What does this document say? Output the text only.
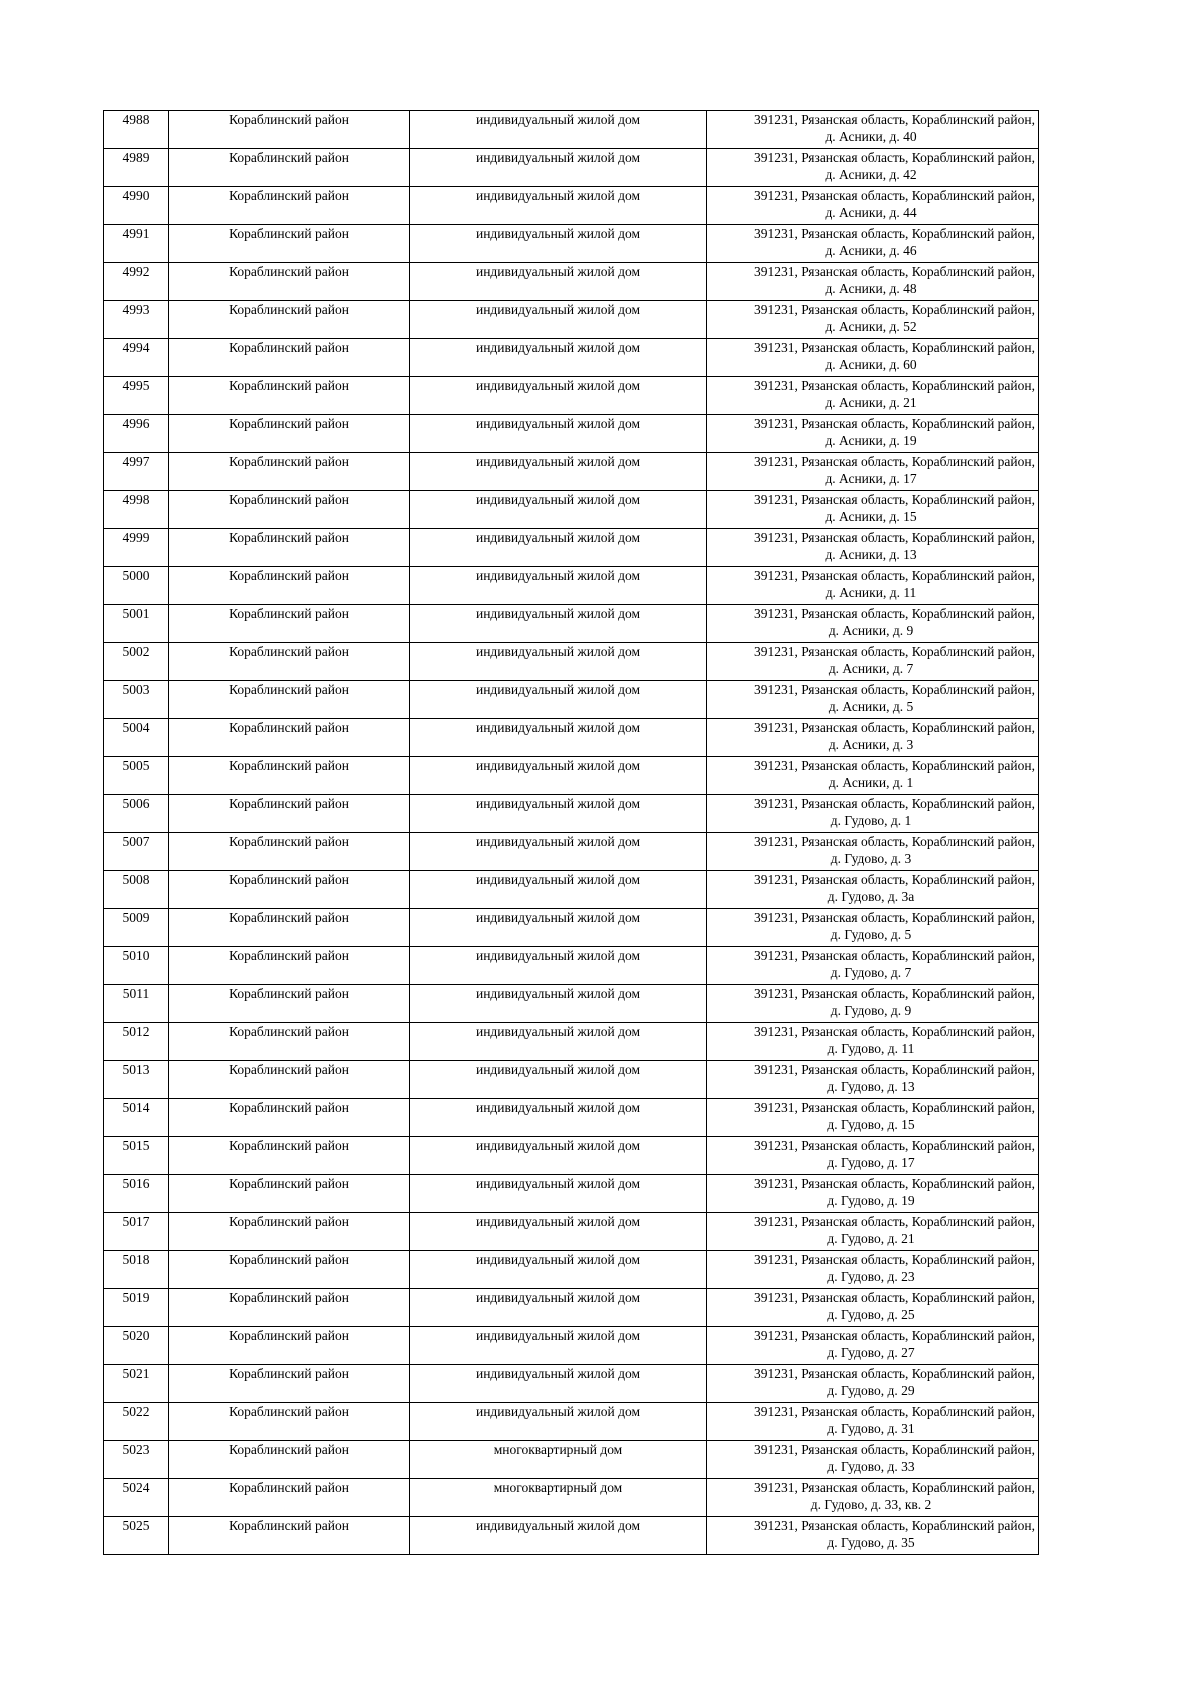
4988	Кораблинский район	индивидуальный жилой дом	391231, Рязанская область, Кораблинский район,
д. Асники, д. 40

4989	Кораблинский район	индивидуальный жилой дом	391231, Рязанская область, Кораблинский район,
д. Асники, д. 42

4990	Кораблинский район	индивидуальный жилой дом	391231, Рязанская область, Кораблинский район,
д. Асники, д. 44

4991	Кораблинский район	индивидуальный жилой дом	391231, Рязанская область, Кораблинский район,
д. Асники, д. 46

4992	Кораблинский район	индивидуальный жилой дом	391231, Рязанская область, Кораблинский район,
д. Асники, д. 48

4993	Кораблинский район	индивидуальный жилой дом	391231, Рязанская область, Кораблинский район,
д. Асники, д. 52

4994	Кораблинский район	индивидуальный жилой дом	391231, Рязанская область, Кораблинский район,
д. Асники, д. 60

4995	Кораблинский район	индивидуальный жилой дом	391231, Рязанская область, Кораблинский район,
д. Асники, д. 21

4996	Кораблинский район	индивидуальный жилой дом	391231, Рязанская область, Кораблинский район,
д. Асники, д. 19

4997	Кораблинский район	индивидуальный жилой дом	391231, Рязанская область, Кораблинский район,
д. Асники, д. 17

4998	Кораблинский район	индивидуальный жилой дом	391231, Рязанская область, Кораблинский район,
д. Асники, д. 15

4999	Кораблинский район	индивидуальный жилой дом	391231, Рязанская область, Кораблинский район,
д. Асники, д. 13

5000	Кораблинский район	индивидуальный жилой дом	391231, Рязанская область, Кораблинский район,
д. Асники, д. 11

5001	Кораблинский район	индивидуальный жилой дом	391231, Рязанская область, Кораблинский район,
д. Асники, д. 9

5002	Кораблинский район	индивидуальный жилой дом	391231, Рязанская область, Кораблинский район,
д. Асники, д. 7

5003	Кораблинский район	индивидуальный жилой дом	391231, Рязанская область, Кораблинский район,
д. Асники, д. 5

5004	Кораблинский район	индивидуальный жилой дом	391231, Рязанская область, Кораблинский район,
д. Асники, д. 3

5005	Кораблинский район	индивидуальный жилой дом	391231, Рязанская область, Кораблинский район,
д. Асники, д. 1

5006	Кораблинский район	индивидуальный жилой дом	391231, Рязанская область, Кораблинский район,
д. Гудово, д. 1

5007	Кораблинский район	индивидуальный жилой дом	391231, Рязанская область, Кораблинский район,
д. Гудово, д. 3

5008	Кораблинский район	индивидуальный жилой дом	391231, Рязанская область, Кораблинский район,
д. Гудово, д. 3а

5009	Кораблинский район	индивидуальный жилой дом	391231, Рязанская область, Кораблинский район,
д. Гудово, д. 5

5010	Кораблинский район	индивидуальный жилой дом	391231, Рязанская область, Кораблинский район,
д. Гудово, д. 7

5011	Кораблинский район	индивидуальный жилой дом	391231, Рязанская область, Кораблинский район,
д. Гудово, д. 9

5012	Кораблинский район	индивидуальный жилой дом	391231, Рязанская область, Кораблинский район,
д. Гудово, д. 11

5013	Кораблинский район	индивидуальный жилой дом	391231, Рязанская область, Кораблинский район,
д. Гудово, д. 13

5014	Кораблинский район	индивидуальный жилой дом	391231, Рязанская область, Кораблинский район,
д. Гудово, д. 15

5015	Кораблинский район	индивидуальный жилой дом	391231, Рязанская область, Кораблинский район,
д. Гудово, д. 17

5016	Кораблинский район	индивидуальный жилой дом	391231, Рязанская область, Кораблинский район,
д. Гудово, д. 19

5017	Кораблинский район	индивидуальный жилой дом	391231, Рязанская область, Кораблинский район,
д. Гудово, д. 21

5018	Кораблинский район	индивидуальный жилой дом	391231, Рязанская область, Кораблинский район,
д. Гудово, д. 23

5019	Кораблинский район	индивидуальный жилой дом	391231, Рязанская область, Кораблинский район,
д. Гудово, д. 25

5020	Кораблинский район	индивидуальный жилой дом	391231, Рязанская область, Кораблинский район,
д. Гудово, д. 27

5021	Кораблинский район	индивидуальный жилой дом	391231, Рязанская область, Кораблинский район,
д. Гудово, д. 29

5022	Кораблинский район	индивидуальный жилой дом	391231, Рязанская область, Кораблинский район,
д. Гудово, д. 31

5023	Кораблинский район	многоквартирный дом	391231, Рязанская область, Кораблинский район,
д. Гудово, д. 33

5024	Кораблинский район	многоквартирный дом	391231, Рязанская область, Кораблинский район,
д. Гудово, д. 33, кв. 2

5025	Кораблинский район	индивидуальный жилой дом	391231, Рязанская область, Кораблинский район,
д. Гудово, д. 35
